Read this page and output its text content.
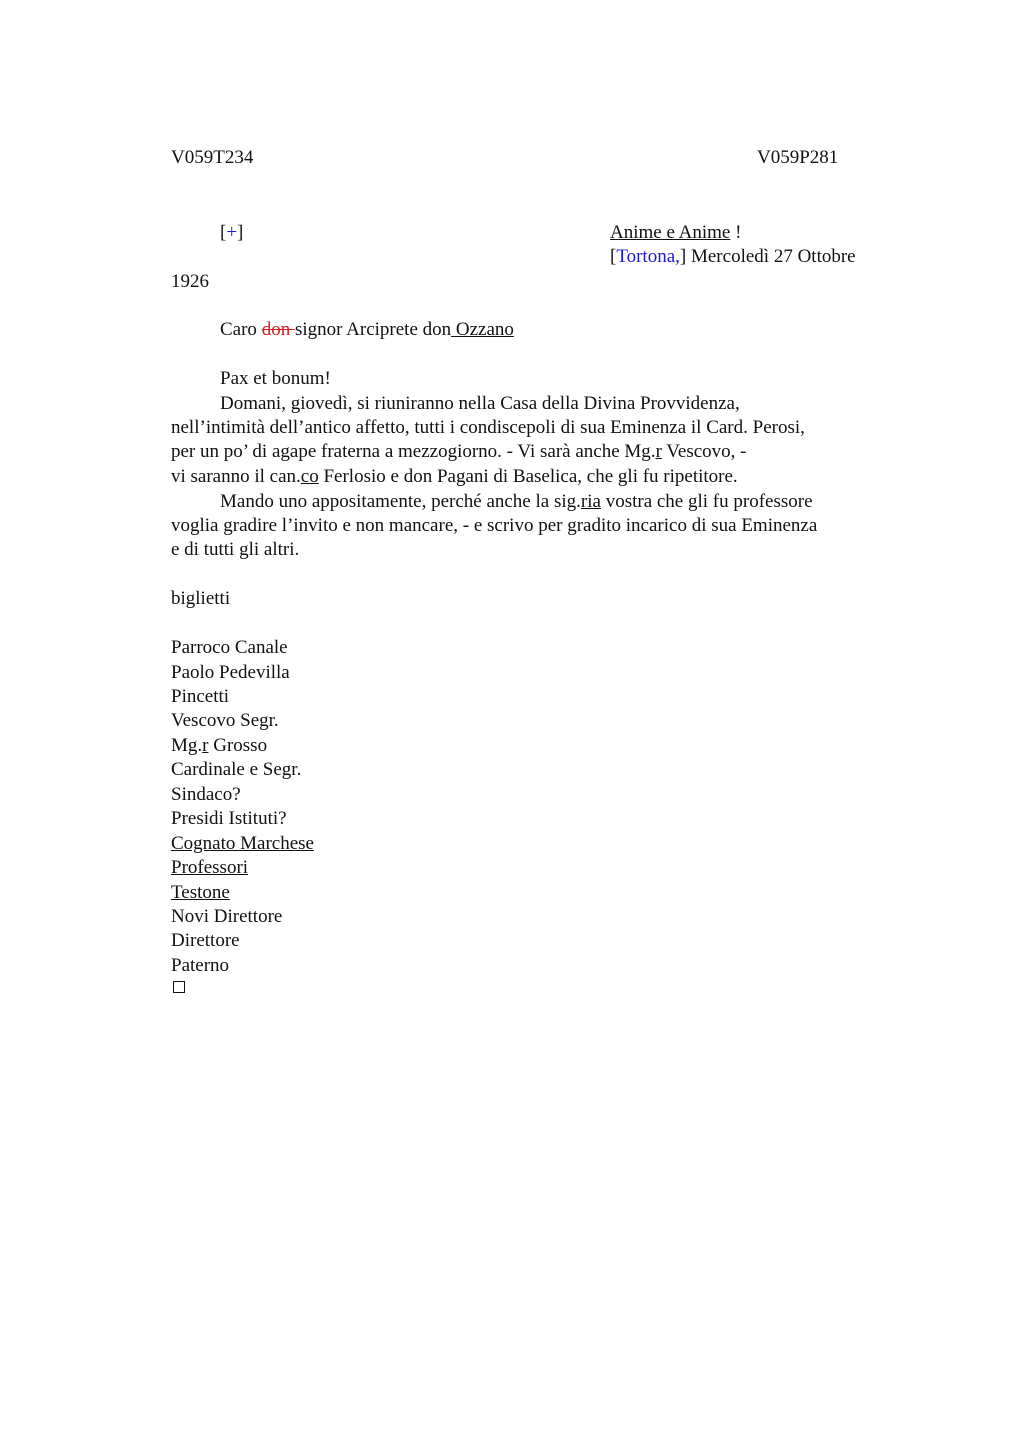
V059T234	V059P281
[+]	Anime e Anime !
[Tortona,] Mercoledì 27 Ottobre
1926
Caro don signor Arciprete don Ozzano
Pax et bonum!
Domani, giovedì, si riuniranno nella Casa della Divina Provvidenza,
nell’intimità dell’antico affetto, tutti i condiscepoli di sua Eminenza il Card. Perosi,
per un po’ di agape fraterna a mezzogiorno. - Vi sarà anche Mg.r Vescovo, -
vi saranno il can.co Ferlosio e don Pagani di Baselica, che gli fu ripetitore.
Mando uno appositamente, perché anche la sig.ria vostra che gli fu professore
voglia gradire l’invito e non mancare, - e scrivo per gradito incarico di sua Eminenza
e di tutti gli altri.
biglietti
Parroco Canale
Paolo Pedevilla
Pincetti
Vescovo Segr.
Mg.r Grosso
Cardinale e Segr.
Sindaco?
Presidi Istituti?
Cognato Marchese
Professori
Testone
Novi Direttore
Direttore
Paterno
